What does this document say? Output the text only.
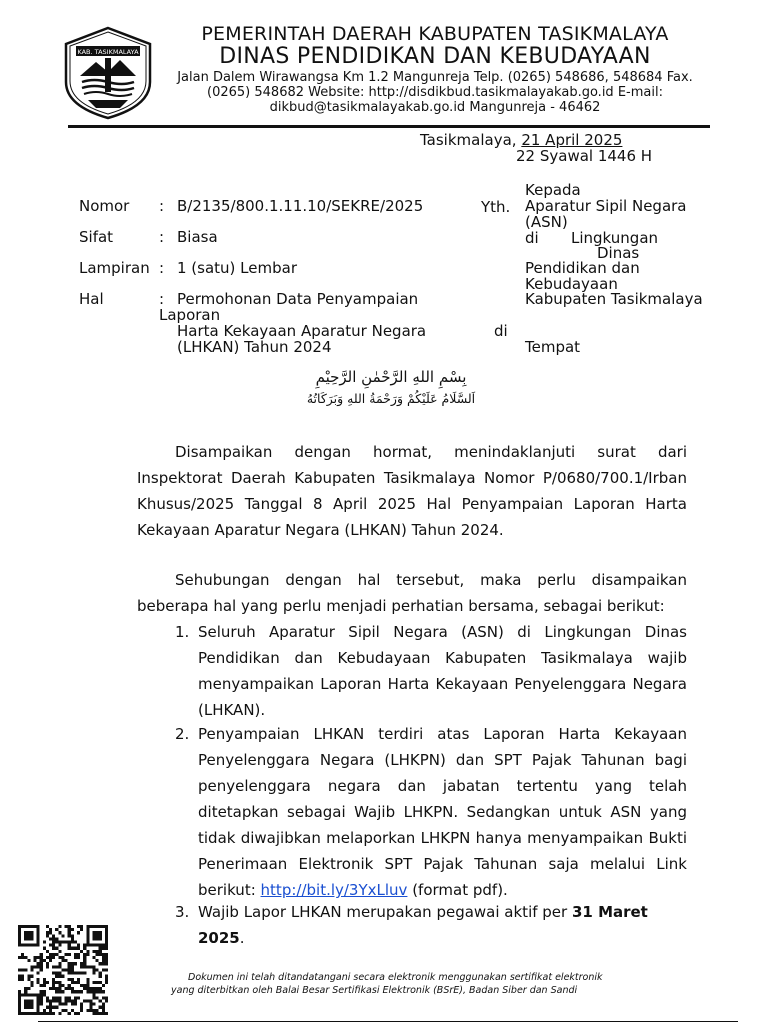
KAB. TASIKMALAYA
PEMERINTAH DAERAH KABUPATEN TASIKMALAYA
DINAS PENDIDIKAN DAN KEBUDAYAAN
Jalan Dalem Wirawangsa Km 1.2 Mangunreja Telp. (0265) 548686, 548684 Fax.
(0265) 548682 Website: http://disdikbud.tasikmalayakab.go.id E-mail:
dikbud@tasikmalayakab.go.id Mangunreja - 46462
Tasikmalaya, 21 April 2025
22 Syawal 1446 H
Nomor : B/2135/800.1.11.10/SEKRE/2025
Sifat	: Biasa
Lampiran : 1 (satu) Lembar
Hal	: Permohonan Data Penyampaian
Laporan
Harta Kekayaan Aparatur Negara
(LHKAN) Tahun 2024
Yth.
Kepada
Aparatur Sipil Negara
(ASN)
di Lingkungan
Dinas
Pendidikan dan
Kebudayaan
Kabupaten Tasikmalaya
di
Tempat
بِسْمِ اللهِ الرَّحْمٰنِ الرَّحِيْمِ
اَلسَّلَامُ عَلَيْكُمْ وَرَحْمَةُ اللهِ وَبَرَكَاتُهُ
Disampaikan dengan hormat, menindaklanjuti surat dari Inspektorat Daerah Kabupaten Tasikmalaya Nomor P/0680/700.1/Irban Khusus/2025 Tanggal 8 April 2025 Hal Penyampaian Laporan Harta Kekayaan Aparatur Negara (LHKAN) Tahun 2024.
Sehubungan dengan hal tersebut, maka perlu disampaikan beberapa hal yang perlu menjadi perhatian bersama, sebagai berikut:
1. Seluruh Aparatur Sipil Negara (ASN) di Lingkungan Dinas Pendidikan dan Kebudayaan Kabupaten Tasikmalaya wajib menyampaikan Laporan Harta Kekayaan Penyelenggara Negara (LHKAN).
2. Penyampaian LHKAN terdiri atas Laporan Harta Kekayaan Penyelenggara Negara (LHKPN) dan SPT Pajak Tahunan bagi penyelenggara negara dan jabatan tertentu yang telah ditetapkan sebagai Wajib LHKPN. Sedangkan untuk ASN yang tidak diwajibkan melaporkan LHKPN hanya menyampaikan Bukti Penerimaan Elektronik SPT Pajak Tahunan saja melalui Link berikut: http://bit.ly/3YxLluv (format pdf).
3. Wajib Lapor LHKAN merupakan pegawai aktif per 31 Maret 2025.
Dokumen ini telah ditandatangani secara elektronik menggunakan sertifikat elektronik
yang diterbitkan oleh Balai Besar Sertifikasi Elektronik (BSrE), Badan Siber dan Sandi
